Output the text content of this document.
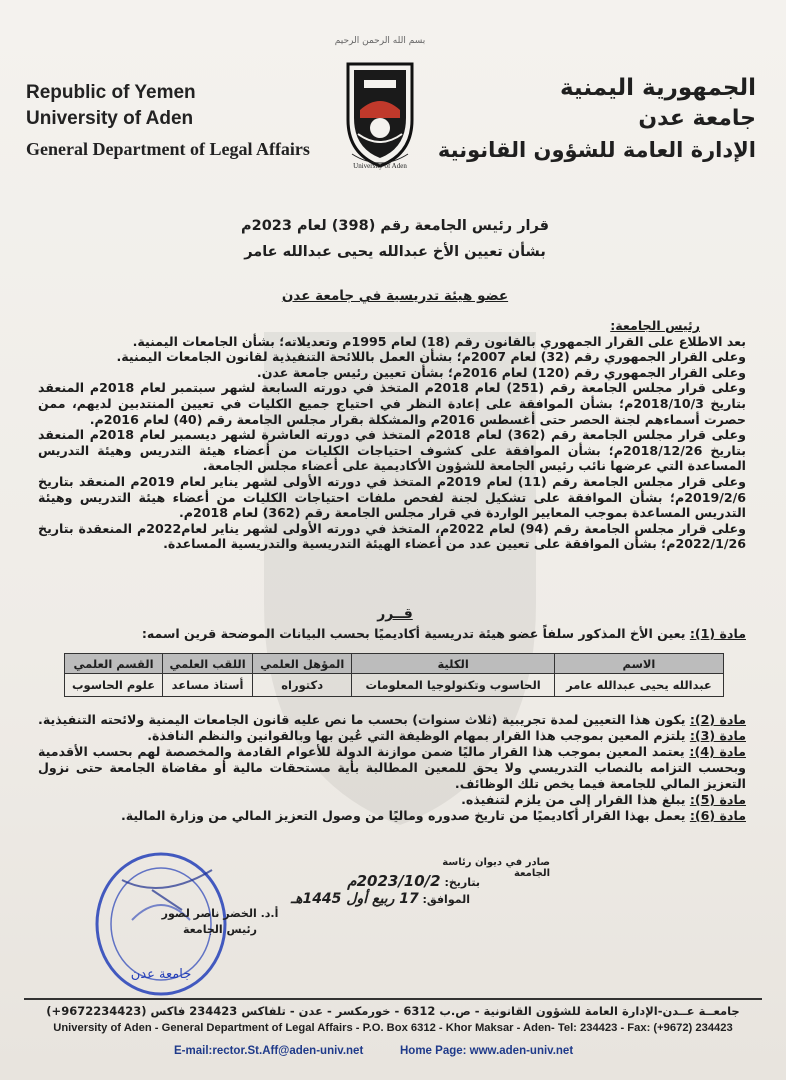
بسم الله الرحمن الرحيم
Republic of Yemen
University of Aden
General Department of Legal Affairs
University of Aden
الجمهورية اليمنية
جامعة عدن
الإدارة العامة للشؤون القانونية
قرار رئيس الجامعة رقم (398) لعام 2023م
بشأن تعيين الأخ عبدالله يحيى عبدالله عامر
عضو هيئة تدريسية في جامعة عدن

رئيس الجامعة:

بعد الاطلاع على القرار الجمهوري بالقانون رقم (18) لعام 1995م وتعديلاته؛ بشأن الجامعات اليمنية.

وعلى القرار الجمهوري رقم (32) لعام 2007م؛ بشأن العمل باللائحة التنفيذية لقانون الجامعات اليمنية.

وعلى القرار الجمهوري رقم (120) لعام 2016م؛ بشأن تعيين رئيس جامعة عدن.

وعلى قرار مجلس الجامعة رقم (251) لعام 2018م المتخذ في دورته السابعة لشهر سبتمبر لعام 2018م المنعقد بتاريخ 2018/10/3م؛ بشأن الموافقة على إعادة النظر في احتياج جميع الكليات في تعيين المنتدبين لديهم، ممن حصرت أسماءهم لجنة الحصر حتى أغسطس 2016م والمشكلة بقرار مجلس الجامعة رقم (40) لعام 2016م.

وعلى قرار مجلس الجامعة رقم (362) لعام 2018م المتخذ في دورته العاشرة لشهر ديسمبر لعام 2018م المنعقد بتاريخ 2018/12/26م؛ بشأن الموافقة على كشوف احتياجات الكليات من أعضاء هيئة التدريس وهيئة التدريس المساعدة التي عرضها نائب رئيس الجامعة للشؤون الأكاديمية على أعضاء مجلس الجامعة.

وعلى قرار مجلس الجامعة رقم (11) لعام 2019م المتخذ في دورته الأولى لشهر يناير لعام 2019م المنعقد بتاريخ 2019/2/6م؛ بشأن الموافقة على تشكيل لجنة لفحص ملفات احتياجات الكليات من أعضاء هيئة التدريس وهيئة التدريس المساعدة بموجب المعايير الواردة في قرار مجلس الجامعة رقم (362) لعام 2018م.

وعلى قرار مجلس الجامعة رقم (94) لعام 2022م، المتخذ في دورته الأولى لشهر يناير لعام2022م المنعقدة بتاريخ 2022/1/26م؛ بشأن الموافقة على تعيين عدد من أعضاء الهيئة التدريسية والتدريسية المساعدة.

قــرر

مادة (1): يعين الأخ المذكور سلفاً عضو هيئة تدريسية أكاديميًا بحسب البيانات الموضحة قرين اسمه:

الاسم	الكلية	المؤهل العلمي	اللقب العلمي	القسم العلمي
عبدالله يحيى عبدالله عامر	الحاسوب وتكنولوجيا المعلومات	دكتوراه	أستاذ مساعد	علوم الحاسوب

مادة (2): يكون هذا التعيين لمدة تجريبية (ثلاث سنوات) بحسب ما نص عليه قانون الجامعات اليمنية ولائحته التنفيذية.

مادة (3): يلتزم المعين بموجب هذا القرار بمهام الوظيفة التي عُين بها وبالقوانين والنظم النافذة.

مادة (4): يعتمد المعين بموجب هذا القرار ماليًا ضمن موازنة الدولة للأعوام القادمة والمخصصة لهم بحسب الأقدمية وبحسب التزامه بالنصاب التدريسي ولا يحق للمعين المطالبة بأية مستحقات مالية أو مقاضاة الجامعة حتى نزول التعزيز المالي للجامعة فيما يخص تلك الوظائف.

مادة (5): يبلغ هذا القرار إلى من يلزم لتنفيذه.

مادة (6): يعمل بهذا القرار أكاديميًا من تاريخ صدوره وماليًا من وصول التعزيز المالي من وزارة المالية.

صادر في ديوان رئاسة الجامعة
بتاريخ: 2023/10/2م
الموافق: 17 ربيع أول 1445هـ
جامعة عدن
أ.د. الخضر ناصر لصور
رئيس الجامعة
جامعــة عــدن-الإدارة العامة للشؤون القانونية - ص.ب 6312 - خورمكسر - عدن - تلفاكس 234423 فاكس (9672234423+)
University of Aden - General Department of Legal Affairs - P.O. Box 6312 - Khor Maksar - Aden- Tel: 234423 - Fax: (+9672) 234423
E-mail:rector.St.Aff@aden-univ.net	Home Page: www.aden-univ.net
